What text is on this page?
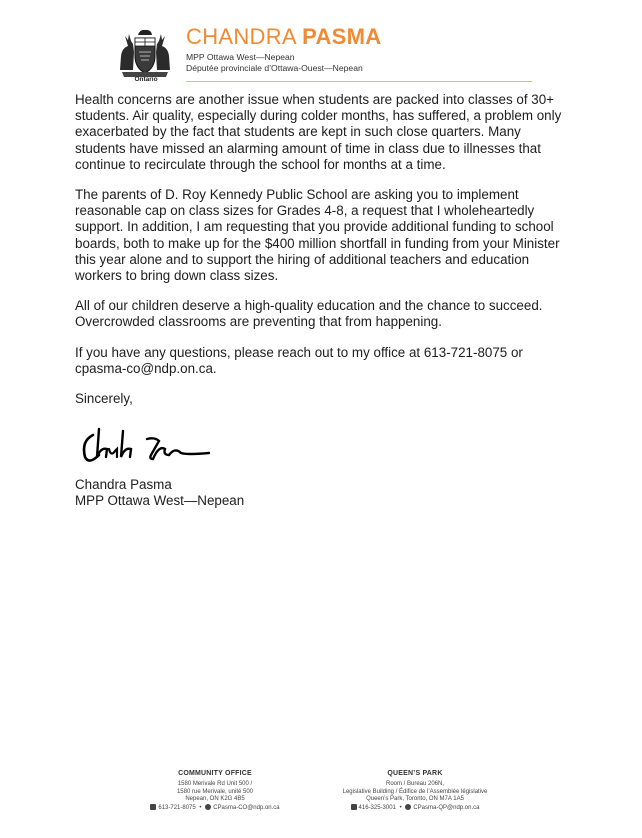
Ontario
CHANDRA PASMA
MPP Ottawa West—Nepean
Députée provinciale d’Ottawa-Ouest—Nepean

Health concerns are another issue when students are packed into classes of 30+ students. Air quality, especially during colder months, has suffered, a problem only exacerbated by the fact that students are kept in such close quarters. Many students have missed an alarming amount of time in class due to illnesses that continue to recirculate through the school for months at a time.

The parents of D. Roy Kennedy Public School are asking you to implement reasonable cap on class sizes for Grades 4-8, a request that I wholeheartedly support. In addition, I am requesting that you provide additional funding to school boards, both to make up for the $400 million shortfall in funding from your Minister this year alone and to support the hiring of additional teachers and education workers to bring down class sizes.

All of our children deserve a high-quality education and the chance to succeed. Overcrowded classrooms are preventing that from happening.

If you have any questions, please reach out to my office at 613-721-8075 or cpasma-co@ndp.on.ca.

Sincerely,
Chandra Pasma
MPP Ottawa West—Nepean
COMMUNITY OFFICE
1580 Merivale Rd Unit 500 /
1580 rue Merivale, unité 500
Nepean, ON K2G 4B5
613-721-8075 • CPasma-CO@ndp.on.ca
QUEEN’S PARK
Room / Bureau 206N,
Legislative Building / Édifice de l’Assemblée législative
Queen’s Park, Toronto, ON M7A 1A5
416-325-3001 • CPasma-QP@ndp.on.ca
